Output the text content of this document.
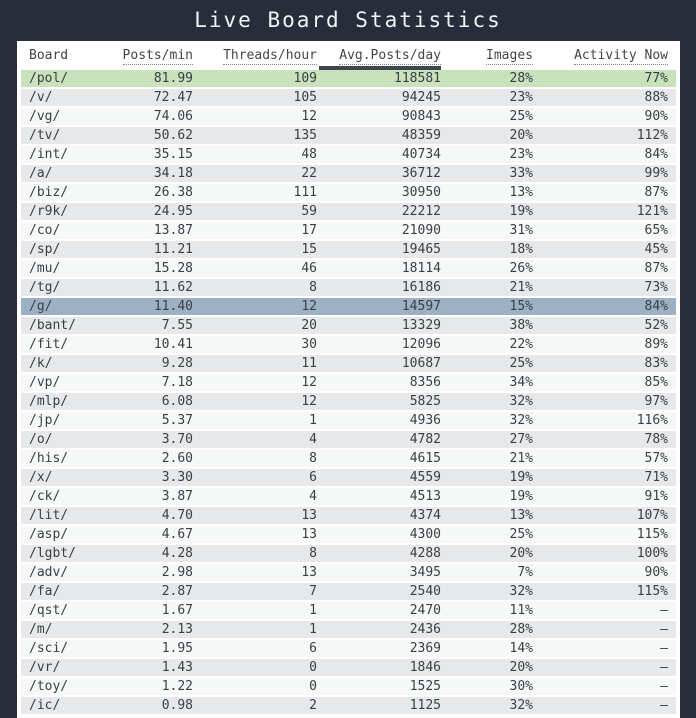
Live Board Statistics
Board	Posts/min	Threads/hour	Avg.Posts/day	Images	Activity Now
/pol/	81.99	109	118581	28%	77%
/v/	72.47	105	94245	23%	88%
/vg/	74.06	12	90843	25%	90%
/tv/	50.62	135	48359	20%	112%
/int/	35.15	48	40734	23%	84%
/a/	34.18	22	36712	33%	99%
/biz/	26.38	111	30950	13%	87%
/r9k/	24.95	59	22212	19%	121%
/co/	13.87	17	21090	31%	65%
/sp/	11.21	15	19465	18%	45%
/mu/	15.28	46	18114	26%	87%
/tg/	11.62	8	16186	21%	73%
/g/	11.40	12	14597	15%	84%
/bant/	7.55	20	13329	38%	52%
/fit/	10.41	30	12096	22%	89%
/k/	9.28	11	10687	25%	83%
/vp/	7.18	12	8356	34%	85%
/mlp/	6.08	12	5825	32%	97%
/jp/	5.37	1	4936	32%	116%
/o/	3.70	4	4782	27%	78%
/his/	2.60	8	4615	21%	57%
/x/	3.30	6	4559	19%	71%
/ck/	3.87	4	4513	19%	91%
/lit/	4.70	13	4374	13%	107%
/asp/	4.67	13	4300	25%	115%
/lgbt/	4.28	8	4288	20%	100%
/adv/	2.98	13	3495	7%	90%
/fa/	2.87	7	2540	32%	115%
/qst/	1.67	1	2470	11%	–
/m/	2.13	1	2436	28%	–
/sci/	1.95	6	2369	14%	–
/vr/	1.43	0	1846	20%	–
/toy/	1.22	0	1525	30%	–
/ic/	0.98	2	1125	32%	–
